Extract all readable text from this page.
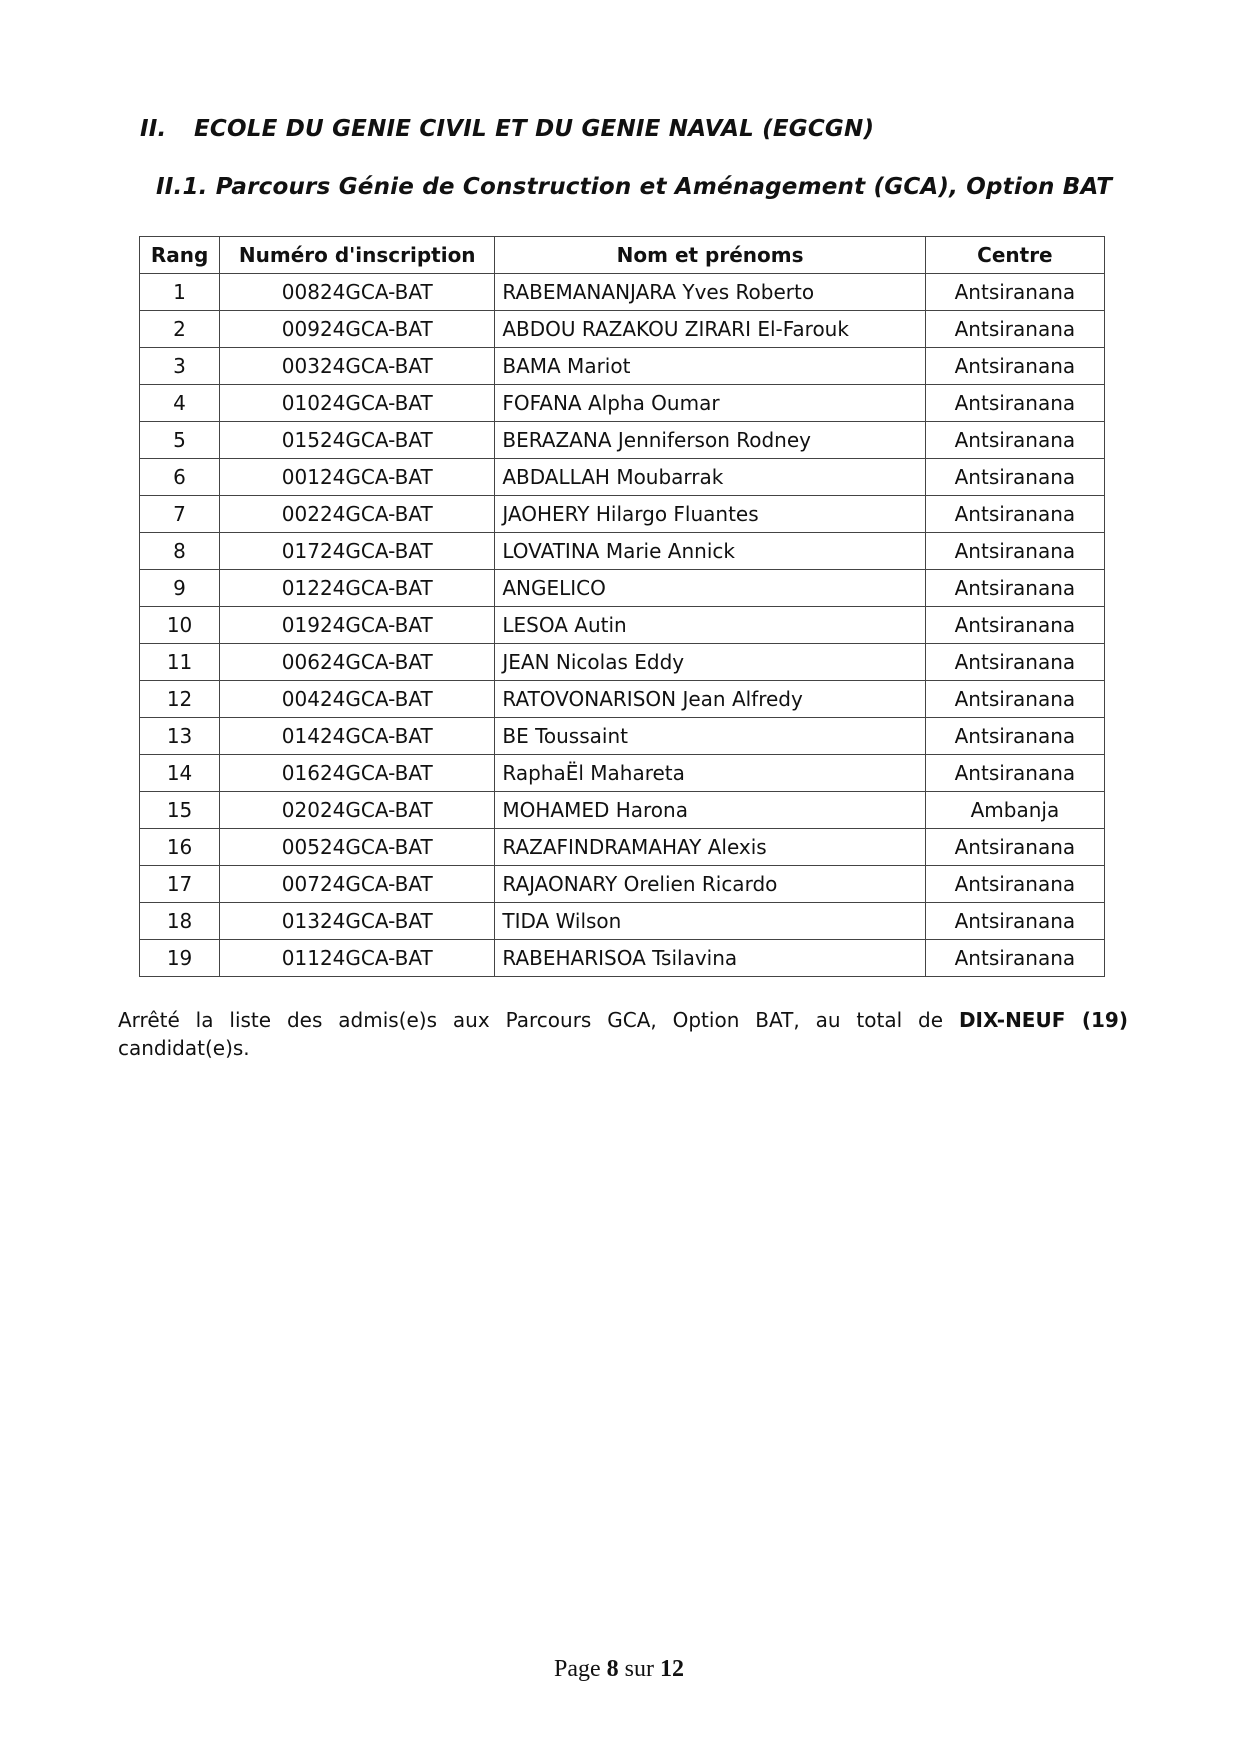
II. ECOLE DU GENIE CIVIL ET DU GENIE NAVAL (EGCGN)
II.1. Parcours Génie de Construction et Aménagement (GCA), Option BAT
Rang	Numéro d'inscription	Nom et prénoms	Centre
1	00824GCA-BAT	RABEMANANJARA Yves Roberto	Antsiranana
2	00924GCA-BAT	ABDOU RAZAKOU ZIRARI El-Farouk	Antsiranana
3	00324GCA-BAT	BAMA Mariot	Antsiranana
4	01024GCA-BAT	FOFANA Alpha Oumar	Antsiranana
5	01524GCA-BAT	BERAZANA Jenniferson Rodney	Antsiranana
6	00124GCA-BAT	ABDALLAH Moubarrak	Antsiranana
7	00224GCA-BAT	JAOHERY Hilargo Fluantes	Antsiranana
8	01724GCA-BAT	LOVATINA Marie Annick	Antsiranana
9	01224GCA-BAT	ANGELICO	Antsiranana
10	01924GCA-BAT	LESOA Autin	Antsiranana
11	00624GCA-BAT	JEAN Nicolas Eddy	Antsiranana
12	00424GCA-BAT	RATOVONARISON Jean Alfredy	Antsiranana
13	01424GCA-BAT	BE Toussaint	Antsiranana
14	01624GCA-BAT	RaphaËl Mahareta	Antsiranana
15	02024GCA-BAT	MOHAMED Harona	Ambanja
16	00524GCA-BAT	RAZAFINDRAMAHAY Alexis	Antsiranana
17	00724GCA-BAT	RAJAONARY Orelien Ricardo	Antsiranana
18	01324GCA-BAT	TIDA Wilson	Antsiranana
19	01124GCA-BAT	RABEHARISOA Tsilavina	Antsiranana
Arrêté la liste des admis(e)s aux Parcours GCA, Option BAT, au total de DIX-NEUF (19) candidat(e)s.
Page 8 sur 12
